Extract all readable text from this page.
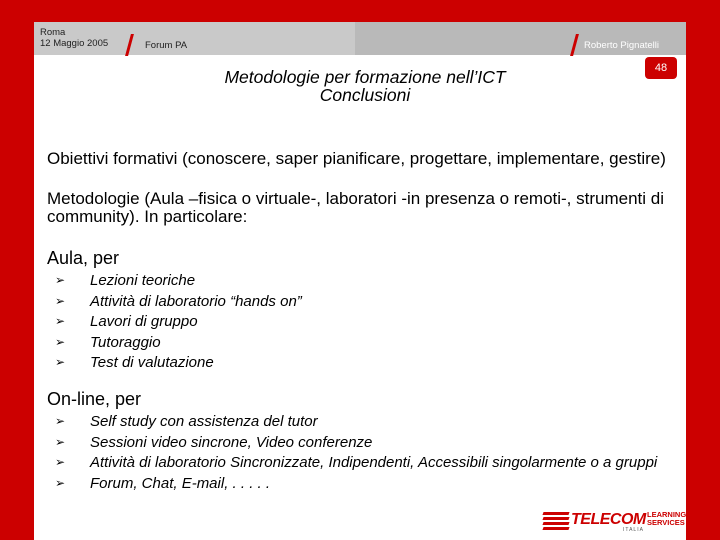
Roma
12 Maggio 2005	Forum PA	Roberto Pignatelli
48
Metodologie per formazione nell’ICT
Conclusioni

Obiettivi formativi (conoscere, saper pianificare, progettare, implementare, gestire)

Metodologie (Aula –fisica o virtuale-, laboratori -in presenza o remoti-, strumenti di community). In particolare:

Aula, per
➢ Lezioni teoriche
➢ Attività di laboratorio “hands on”
➢ Lavori di gruppo
➢ Tutoraggio
➢ Test di valutazione
On-line, per
➢ Self study con assistenza del tutor
➢ Sessioni video sincrone, Video conferenze
➢ Attività di laboratorio Sincronizzate, Indipendenti, Accessibili singolarmente o a gruppi
➢ Forum, Chat, E-mail, . . . . .
TELECOM LEARNING
SERVICES
ITALIA
